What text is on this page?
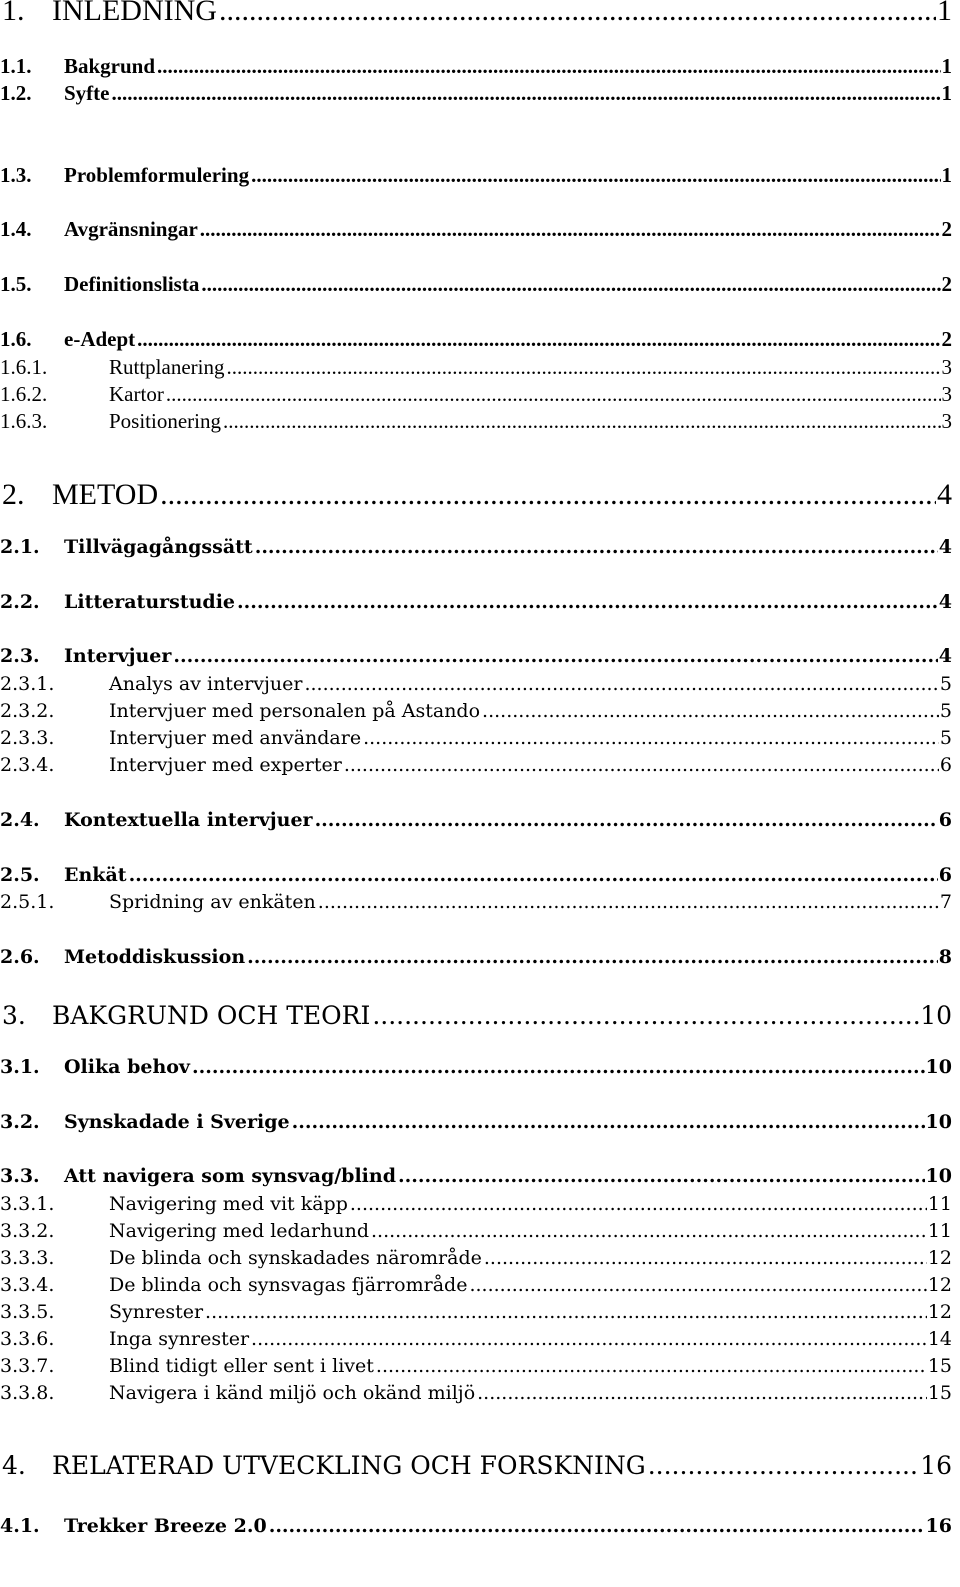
1. INLEDNING .....	1
1.1.	Bakgrund .....	1
1.2.	Syfte .....	1
1.3.	Problemformulering .....	1
1.4.	Avgränsningar .....	2
1.5.	Definitionslista .....	2
1.6.	e-Adept .....	2
1.6.1.	Ruttplanering .....	3
1.6.2.	Kartor .....	3
1.6.3.	Positionering .....	3
2. METOD .....	4
2.1.	Tillvägagångssätt .....	4
2.2.	Litteraturstudie .....	4
2.3.	Intervjuer .....	4
2.3.1.	Analys av intervjuer .....	5
2.3.2.	Intervjuer med personalen på Astando .....	5
2.3.3.	Intervjuer med användare .....	5
2.3.4.	Intervjuer med experter .....	6
2.4.	Kontextuella intervjuer .....	6
2.5.	Enkät .....	6
2.5.1.	Spridning av enkäten .....	7
2.6.	Metoddiskussion .....	8
3.	BAKGRUND OCH TEORI .....	10
3.1.	Olika behov .....	10
3.2.	Synskadade i Sverige .....	10
3.3.	Att navigera som synsvag/blind .....	10
3.3.1.	Navigering med vit käpp .....	11
3.3.2.	Navigering med ledarhund .....	11
3.3.3.	De blinda och synskadades närområde .....	12
3.3.4.	De blinda och synsvagas fjärrområde .....	12
3.3.5.	Synrester .....	12
3.3.6.	Inga synrester .....	14
3.3.7.	Blind tidigt eller sent i livet .....	15
3.3.8.	Navigera i känd miljö och okänd miljö .....	15
4.	RELATERAD UTVECKLING OCH FORSKNING .....	16
4.1.	Trekker Breeze 2.0 .....	16
